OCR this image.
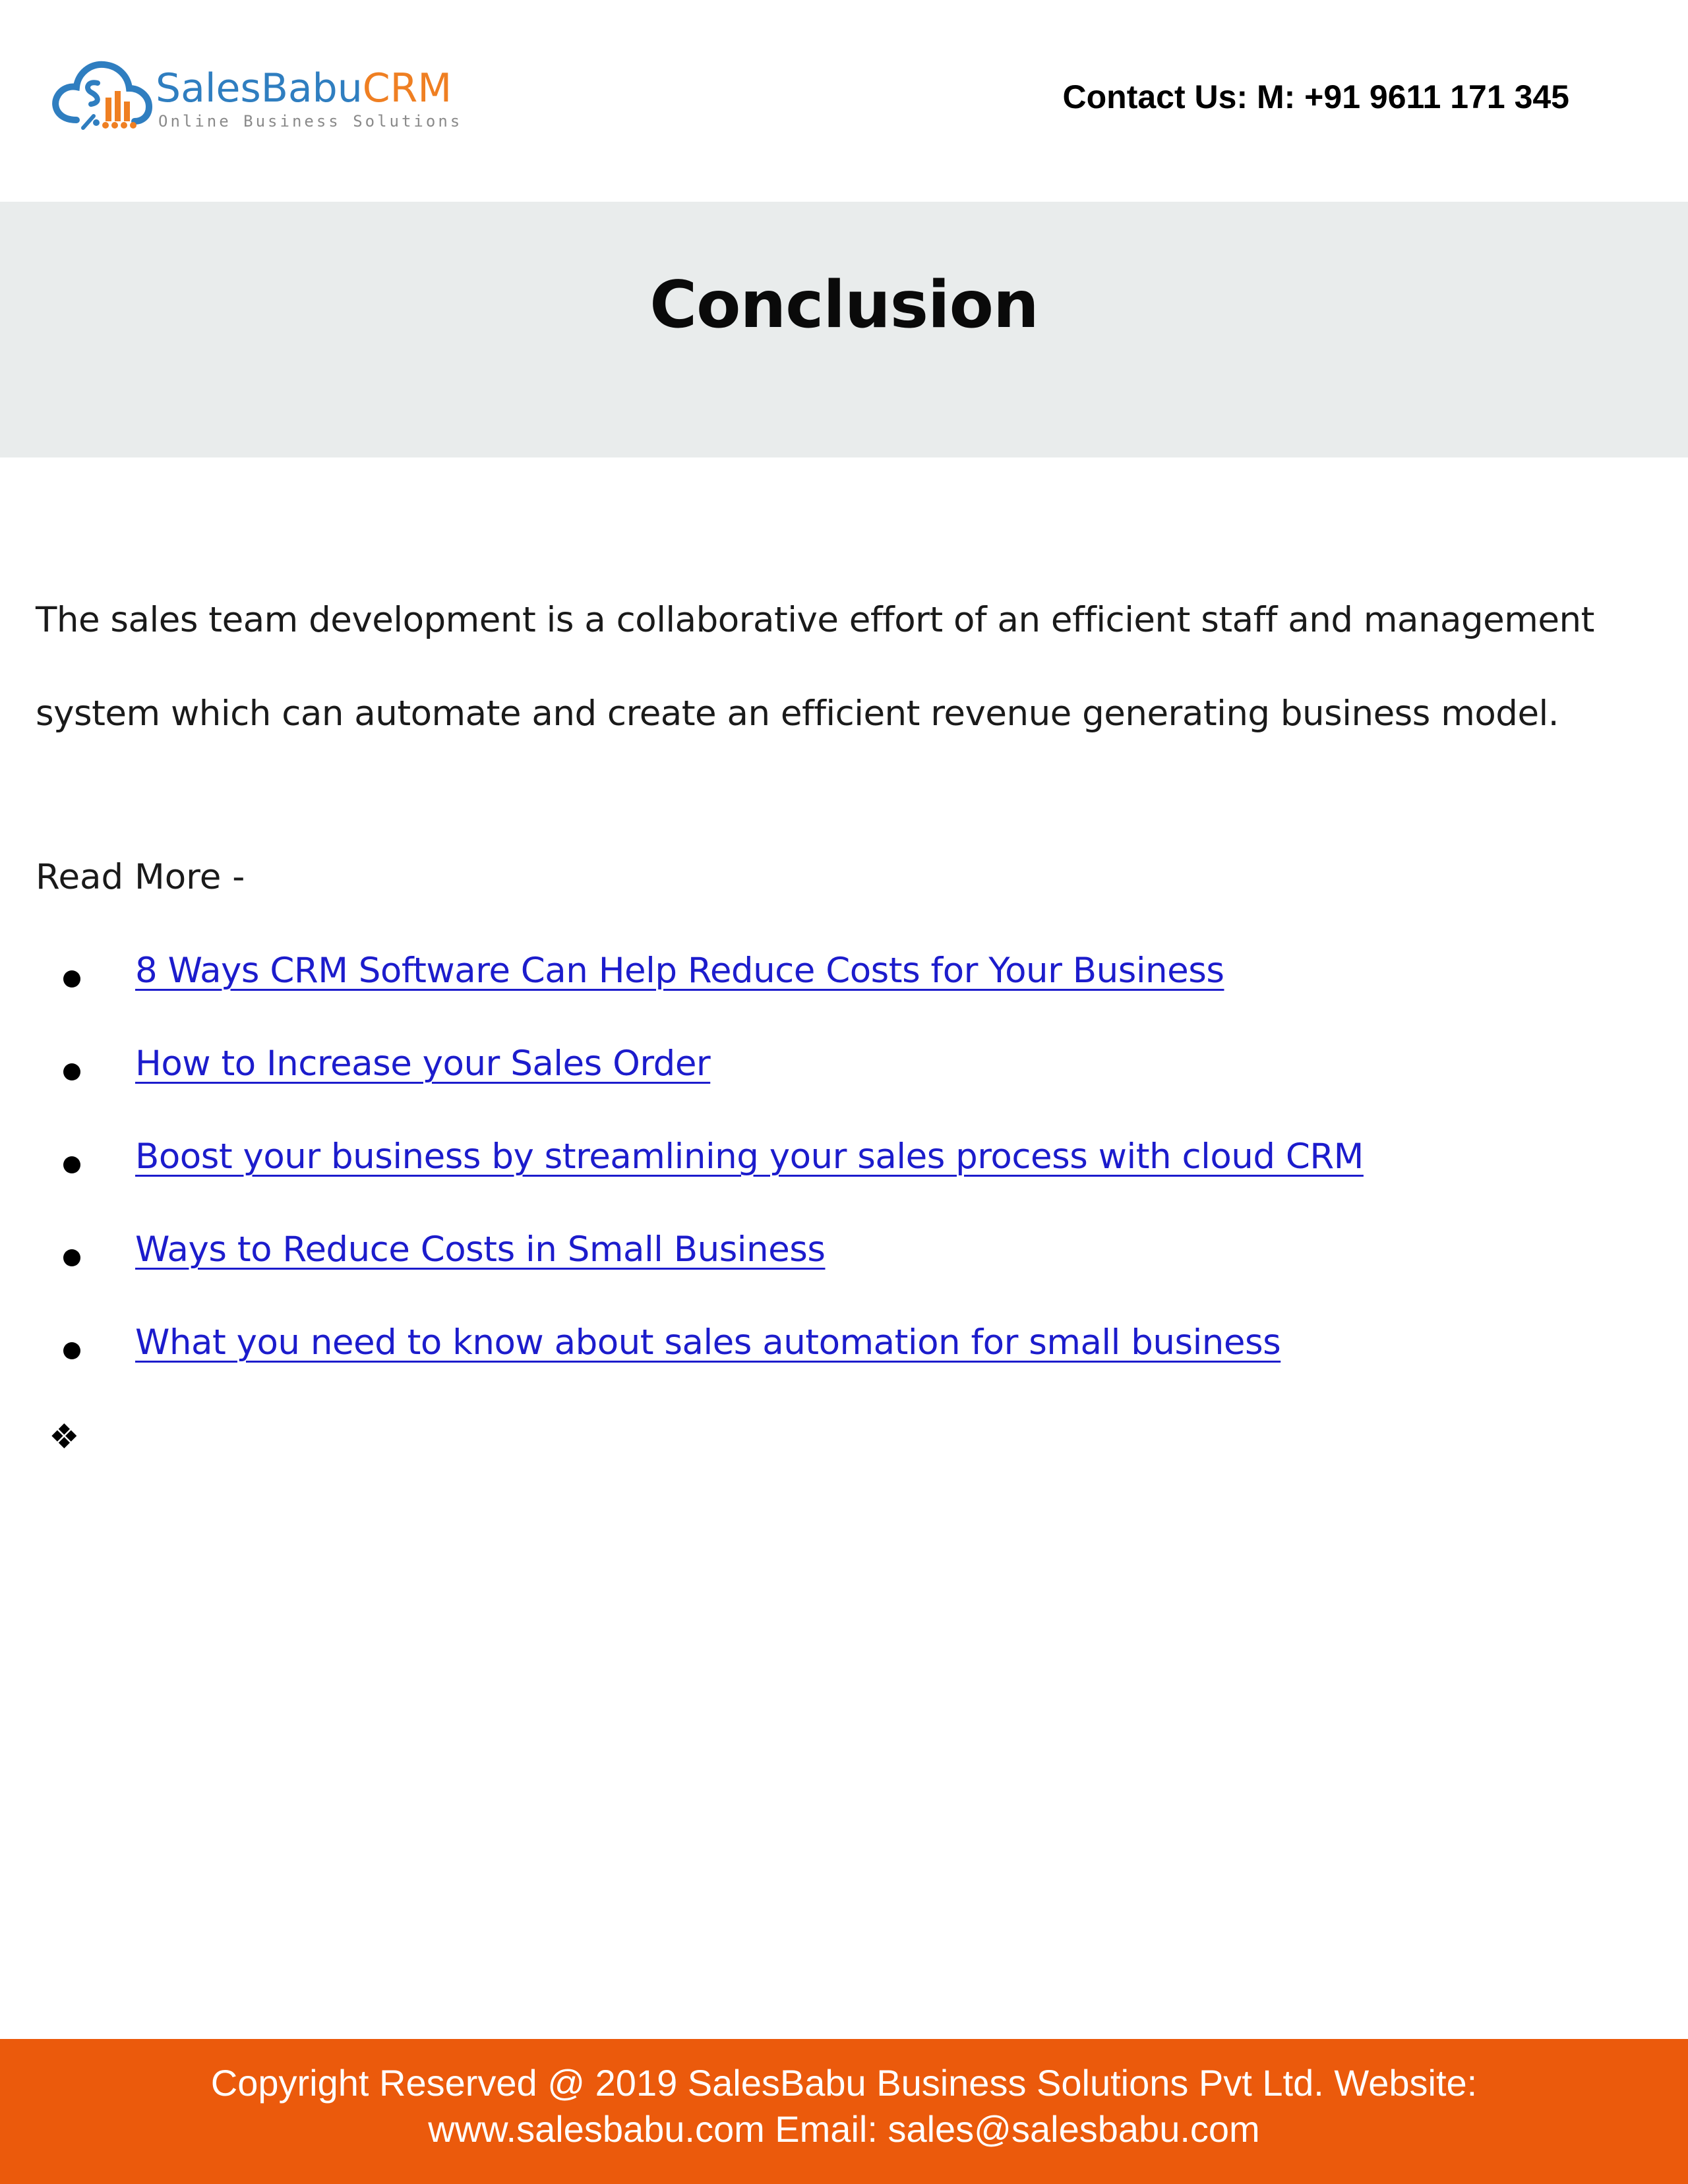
SalesBabuCRM
Online Business Solutions
Contact Us: M: +91 9611 171 345
Conclusion
The sales team development is a collaborative effort of an efficient staff and management system which can automate and create an efficient revenue generating business model.
Read More -
8 Ways CRM Software Can Help Reduce Costs for Your Business
How to Increase your Sales Order
Boost your business by streamlining your sales process with cloud CRM
Ways to Reduce Costs in Small Business
What you need to know about sales automation for small business
❖
Copyright Reserved @ 2019 SalesBabu Business Solutions Pvt Ltd. Website:
www.salesbabu.com Email: sales@salesbabu.com
